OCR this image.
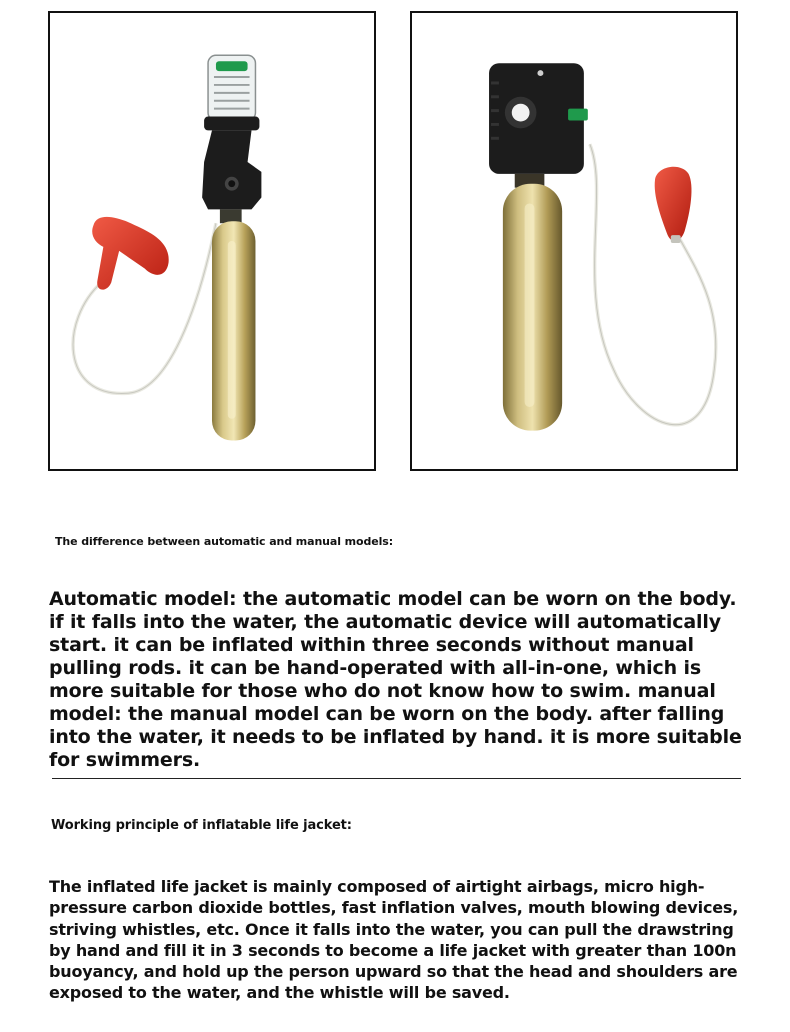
The difference between automatic and manual models:

Automatic model: the automatic model can be worn on the body. if it falls into the water, the automatic device will automatically start. it can be inflated within three seconds without manual pulling rods. it can be hand-operated with all-in-one, which is more suitable for those who do not know how to swim. manual model: the manual model can be worn on the body. after falling into the water, it needs to be inflated by hand. it is more suitable for swimmers.

Working principle of inflatable life jacket:

The inflated life jacket is mainly composed of airtight airbags, micro high-pressure carbon dioxide bottles, fast inflation valves, mouth blowing devices, striving whistles, etc. Once it falls into the water, you can pull the drawstring by hand and fill it in 3 seconds to become a life jacket with greater than 100n buoyancy, and hold up the person upward so that the head and shoulders are exposed to the water, and the whistle will be saved.
